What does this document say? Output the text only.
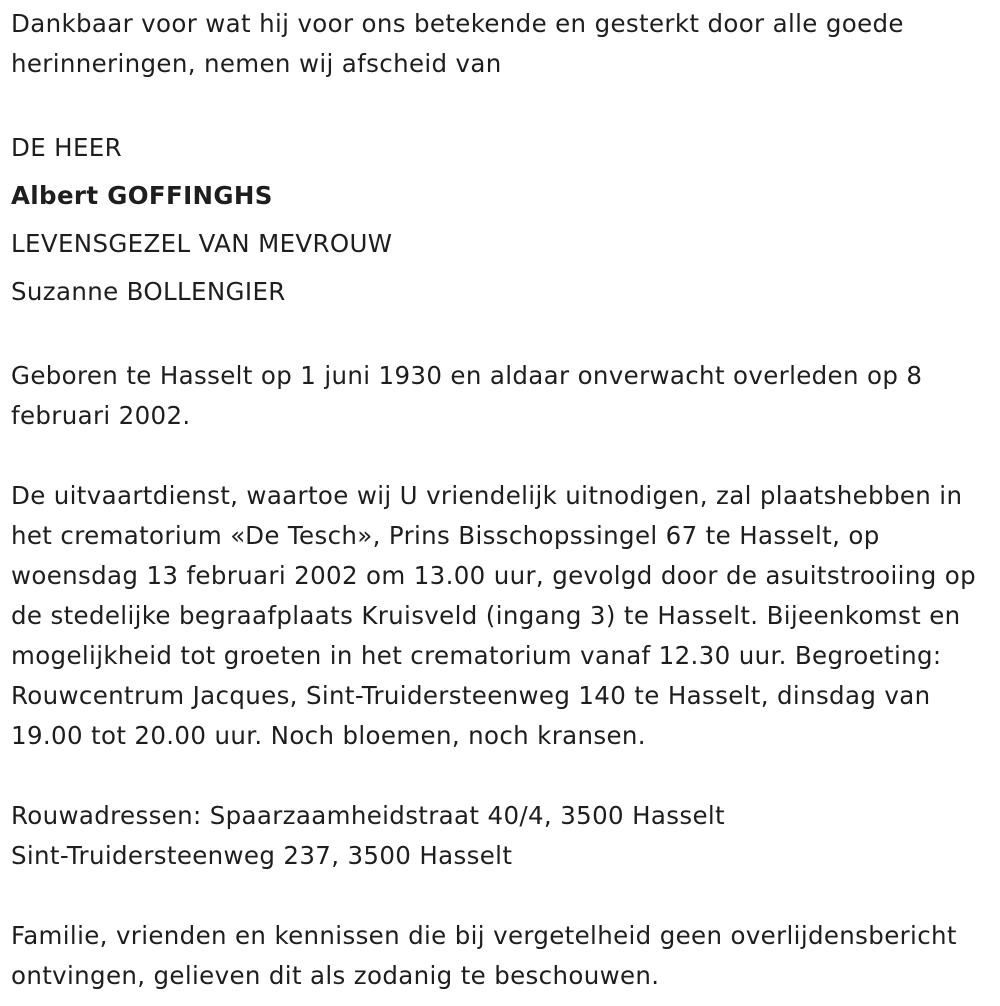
Dankbaar voor wat hij voor ons betekende en gesterkt door alle goede herinneringen, nemen wij afscheid van

DE HEER

Albert GOFFINGHS

LEVENSGEZEL VAN MEVROUW

Suzanne BOLLENGIER

Geboren te Hasselt op 1 juni 1930 en aldaar onverwacht overleden op 8 februari 2002.

De uitvaartdienst, waartoe wij U vriendelijk uitnodigen, zal plaatshebben in het crematorium «De Tesch», Prins Bisschopssingel 67 te Hasselt, op woensdag 13 februari 2002 om 13.00 uur, gevolgd door de asuitstrooiing op de stedelijke begraafplaats Kruisveld (ingang 3) te Hasselt. Bijeenkomst en mogelijkheid tot groeten in het crematorium vanaf 12.30 uur. Begroeting: Rouwcentrum Jacques, Sint-Truidersteenweg 140 te Hasselt, dinsdag van 19.00 tot 20.00 uur. Noch bloemen, noch kransen.

Rouwadressen: Spaarzaamheidstraat 40/4, 3500 Hasselt

Sint-Truidersteenweg 237, 3500 Hasselt

Familie, vrienden en kennissen die bij vergetelheid geen overlijdensbericht ontvingen, gelieven dit als zodanig te beschouwen.
